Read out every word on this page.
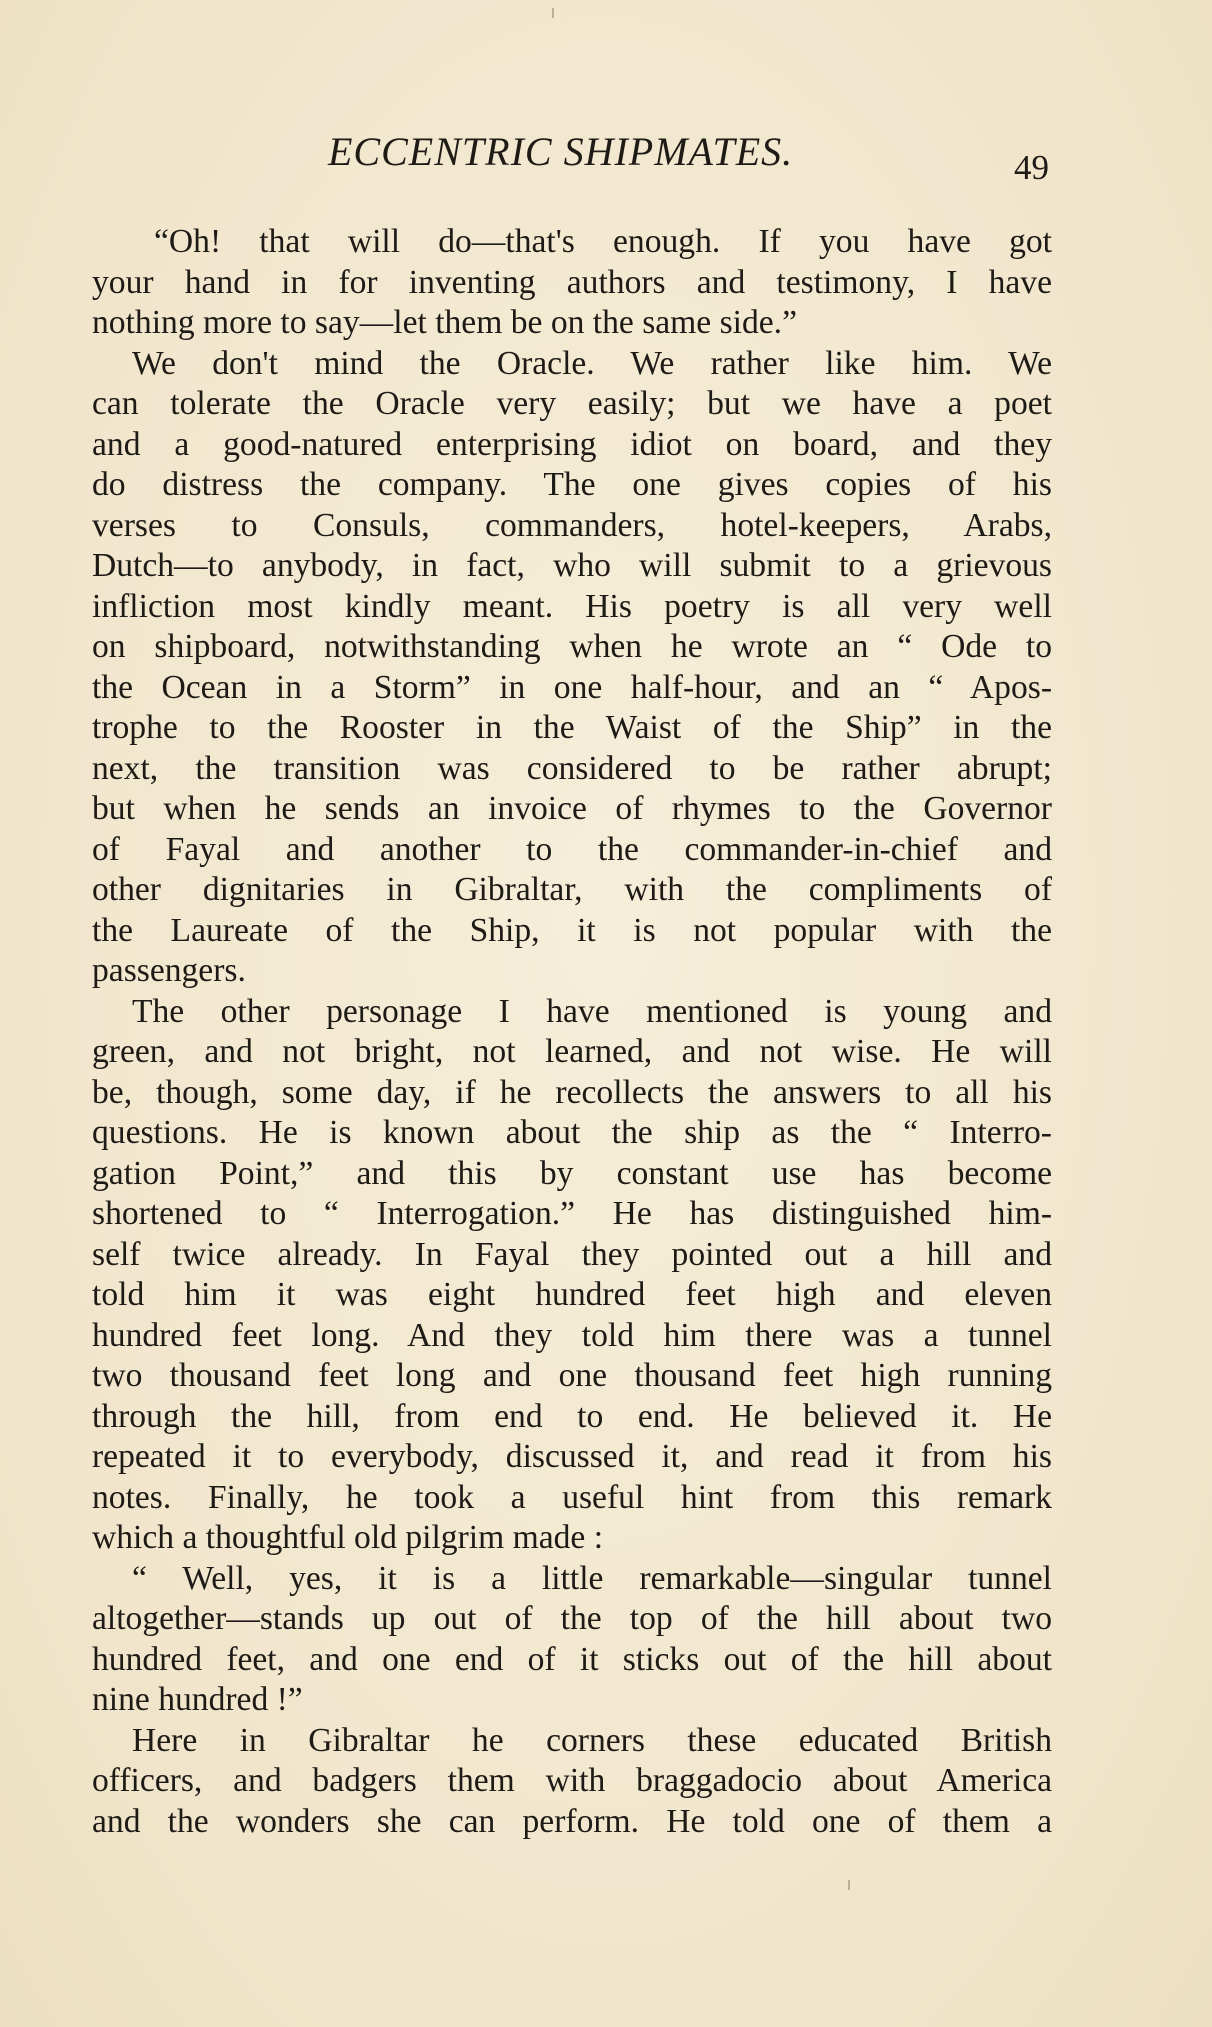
ECCENTRIC SHIPMATES.	49
“Oh! that will do—that's enough. If you have got
your hand in for inventing authors and testimony, I have
nothing more to say—let them be on the same side.”
We don't mind the Oracle. We rather like him. We
can tolerate the Oracle very easily; but we have a poet
and a good-natured enterprising idiot on board, and they
do distress the company. The one gives copies of his
verses to Consuls, commanders, hotel-keepers, Arabs,
Dutch—to anybody, in fact, who will submit to a grievous
infliction most kindly meant. His poetry is all very well
on shipboard, notwithstanding when he wrote an “ Ode to
the Ocean in a Storm” in one half-hour, and an “ Apos-
trophe to the Rooster in the Waist of the Ship” in the
next, the transition was considered to be rather abrupt;
but when he sends an invoice of rhymes to the Governor
of Fayal and another to the commander-in-chief and
other dignitaries in Gibraltar, with the compliments of
the Laureate of the Ship, it is not popular with the
passengers.
The other personage I have mentioned is young and
green, and not bright, not learned, and not wise. He will
be, though, some day, if he recollects the answers to all his
questions. He is known about the ship as the “ Interro-
gation Point,” and this by constant use has become
shortened to “ Interrogation.” He has distinguished him-
self twice already. In Fayal they pointed out a hill and
told him it was eight hundred feet high and eleven
hundred feet long. And they told him there was a tunnel
two thousand feet long and one thousand feet high running
through the hill, from end to end. He believed it. He
repeated it to everybody, discussed it, and read it from his
notes. Finally, he took a useful hint from this remark
which a thoughtful old pilgrim made :
“ Well, yes, it is a little remarkable—singular tunnel
altogether—stands up out of the top of the hill about two
hundred feet, and one end of it sticks out of the hill about
nine hundred !”
Here in Gibraltar he corners these educated British
officers, and badgers them with braggadocio about America
and the wonders she can perform. He told one of them a
